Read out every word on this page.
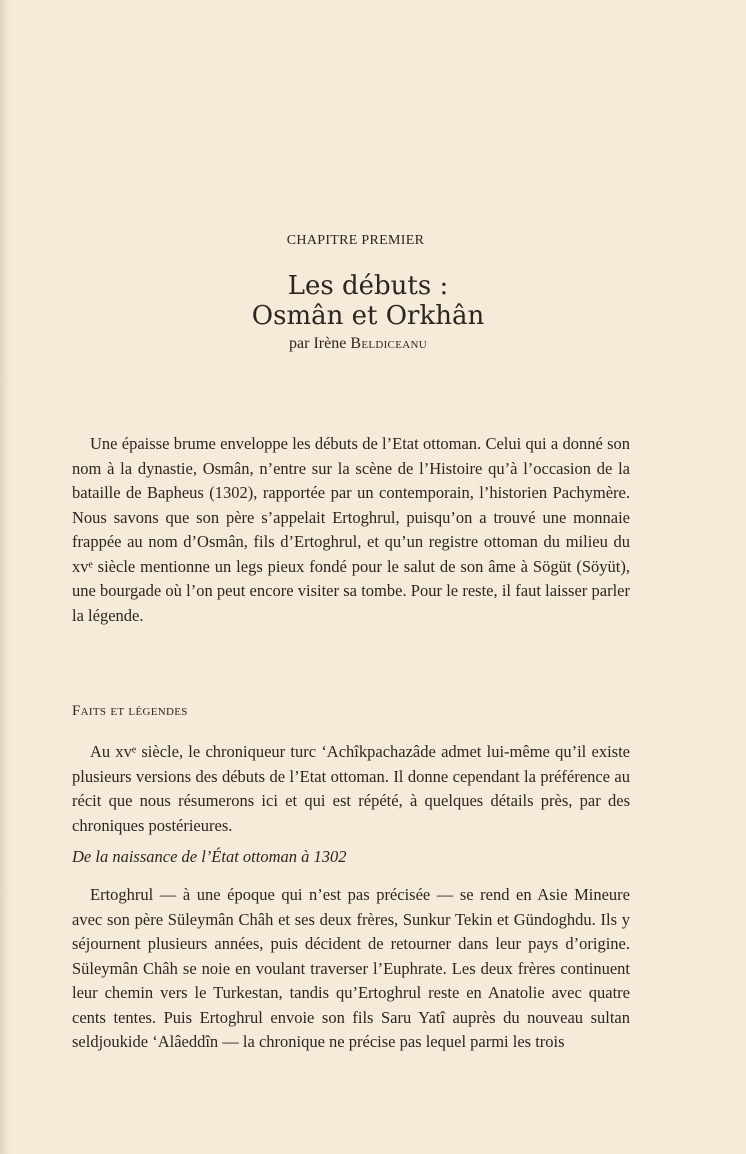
CHAPITRE PREMIER
Les débuts :
Osmân et Orkhân
par Irène Beldiceanu

Une épaisse brume enveloppe les débuts de l’Etat ottoman. Celui qui a donné son nom à la dynastie, Osmân, n’entre sur la scène de l’Histoire qu’à l’occasion de la bataille de Bapheus (1302), rapportée par un contemporain, l’historien Pachymère. Nous savons que son père s’appelait Ertoghrul, puisqu’on a trouvé une monnaie frappée au nom d’Osmân, fils d’Ertoghrul, et qu’un registre ottoman du milieu du xvᵉ siècle mentionne un legs pieux fondé pour le salut de son âme à Sögüt (Söyüt), une bourgade où l’on peut encore visiter sa tombe. Pour le reste, il faut laisser parler la légende.

Faits et légendes

Au xvᵉ siècle, le chroniqueur turc ‘Achîkpachazâde admet lui-même qu’il existe plusieurs versions des débuts de l’Etat ottoman. Il donne cependant la préférence au récit que nous résumerons ici et qui est répété, à quelques détails près, par des chroniques postérieures.

De la naissance de l’État ottoman à 1302

Ertoghrul — à une époque qui n’est pas précisée — se rend en Asie Mineure avec son père Süleymân Châh et ses deux frères, Sunkur Tekin et Gündoghdu. Ils y séjournent plusieurs années, puis décident de retourner dans leur pays d’origine. Süleymân Châh se noie en voulant traverser l’Euphrate. Les deux frères continuent leur chemin vers le Turkestan, tandis qu’Ertoghrul reste en Anatolie avec quatre cents tentes. Puis Ertoghrul envoie son fils Saru Yatî auprès du nouveau sultan seldjoukide ‘Alâeddîn — la chronique ne précise pas lequel parmi les trois
